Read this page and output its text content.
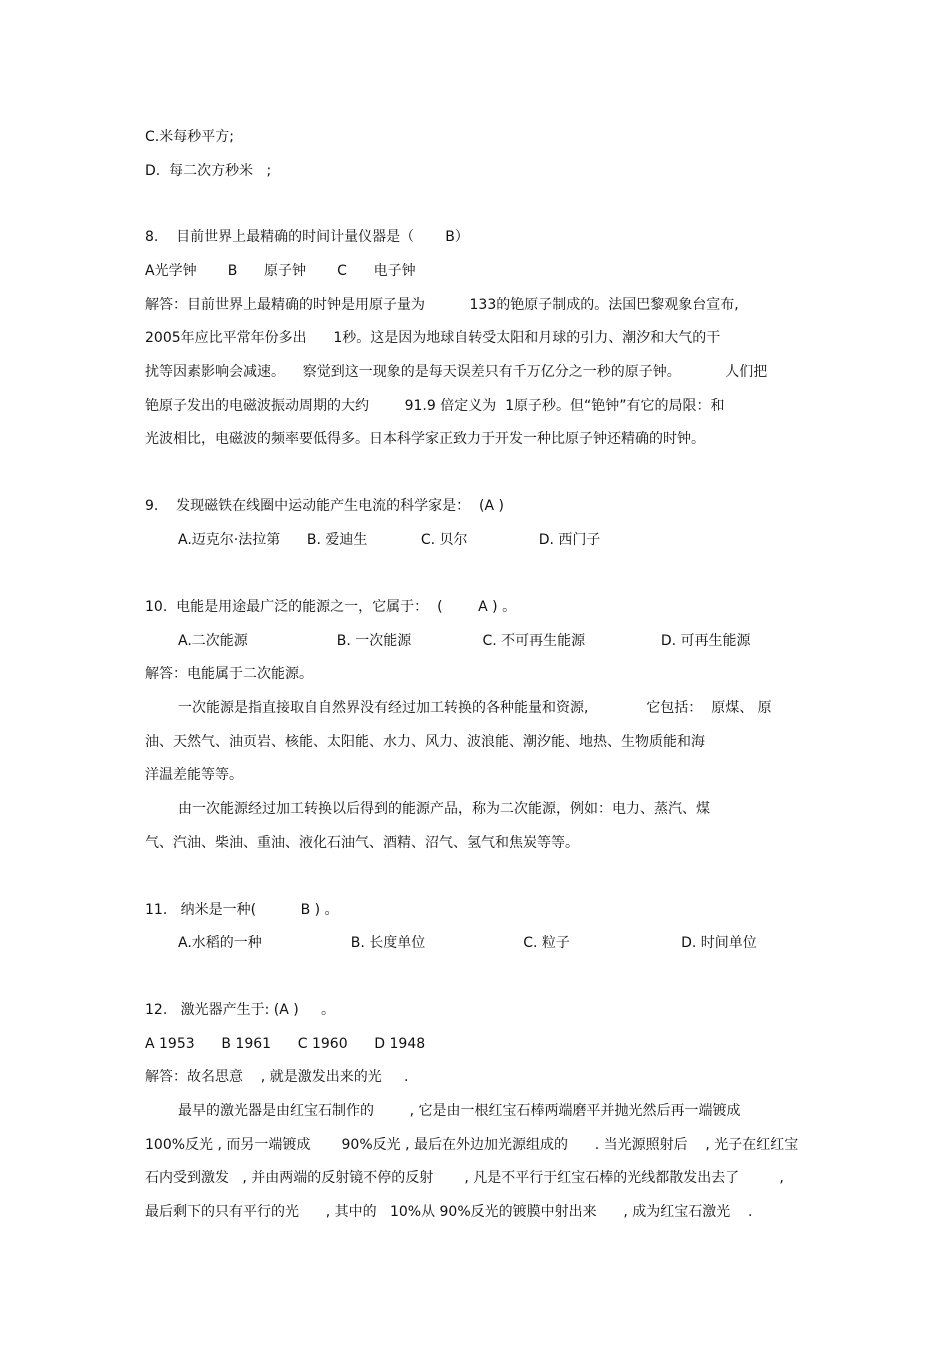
C.米每秒平方;
D.  每二次方秒米   ;
8.    目前世界上最精确的时间计量仪器是（       B）
A光学钟       B      原子钟       C      电子钟
解答：目前世界上最精确的时钟是用原子量为          133的铯原子制成的。法国巴黎观象台宣布,
2005年应比平常年份多出      1秒。这是因为地球自转受太阳和月球的引力、潮汐和大气的干
扰等因素影响会减速。    察觉到这一现象的是每天误差只有千万亿分之一秒的原子钟。          人们把
铯原子发出的电磁波振动周期的大约        91.9 倍定义为  1原子秒。但“铯钟”有它的局限：和
光波相比，电磁波的频率要低得多。日本科学家正致力于开发一种比原子钟还精确的时钟。
9.    发现磁铁在线圈中运动能产生电流的科学家是：  (A )
A.迈克尔·法拉第      B. 爱迪生            C. 贝尔                D. 西门子
10.  电能是用途最广泛的能源之一，它属于：  (        A ) 。
A.二次能源                    B. 一次能源                C. 不可再生能源                 D. 可再生能源
解答：电能属于二次能源。
一次能源是指直接取自自然界没有经过加工转换的各种能量和资源,             它包括：  原煤、 原
油、天然气、油页岩、核能、太阳能、水力、风力、波浪能、潮汐能、地热、生物质能和海
洋温差能等等。
由一次能源经过加工转换以后得到的能源产品，称为二次能源，例如：电力、蒸汽、煤
气、汽油、柴油、重油、液化石油气、酒精、沼气、氢气和焦炭等等。
11.   纳米是一种(          B ) 。
A.水稻的一种                    B. 长度单位                      C. 粒子                         D. 时间单位
12.   激光器产生于: (A )     。
A 1953      B 1961      C 1960      D 1948
解答：故名思意    , 就是激发出来的光     .
最早的激光器是由红宝石制作的        , 它是由一根红宝石棒两端磨平并抛光然后再一端镀成
100%反光 , 而另一端镀成       90%反光 , 最后在外边加光源组成的      . 当光源照射后    , 光子在红红宝
石内受到激发   , 并由两端的反射镜不停的反射       , 凡是不平行于红宝石棒的光线都散发出去了         ,
最后剩下的只有平行的光      , 其中的   10%从 90%反光的镀膜中射出来      , 成为红宝石激光    .
